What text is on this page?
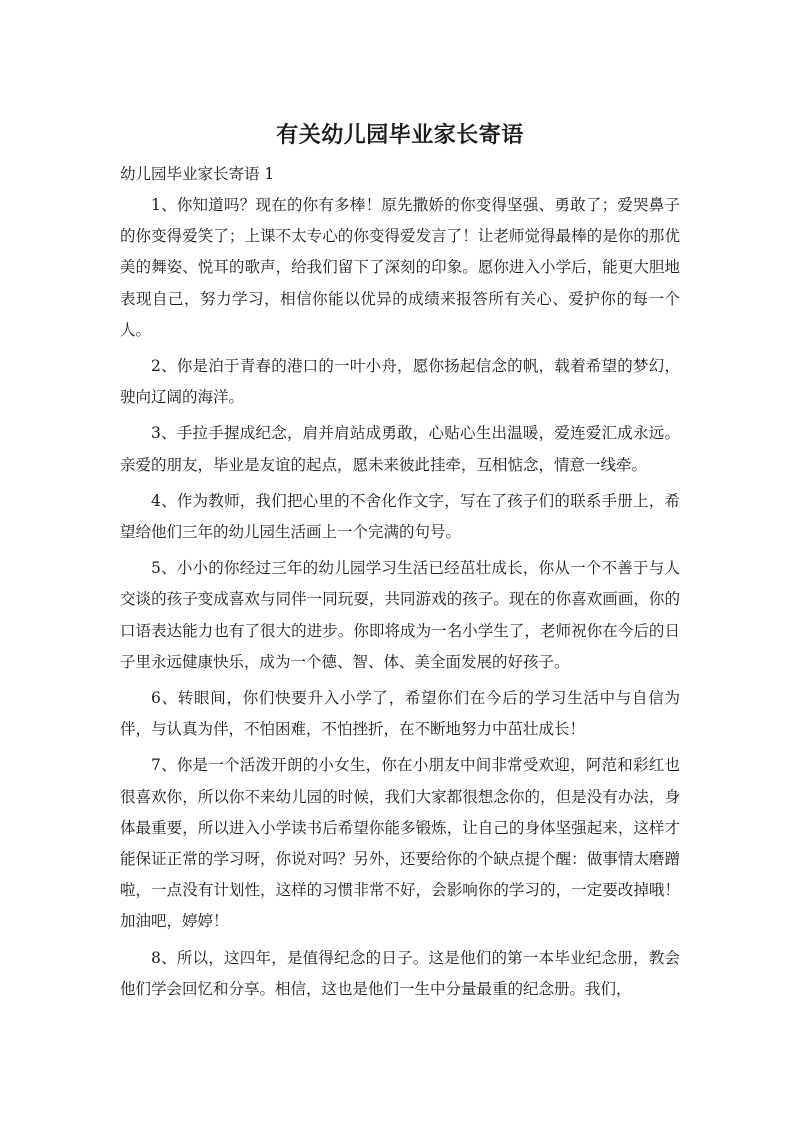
有关幼儿园毕业家长寄语

幼儿园毕业家长寄语 1

1、你知道吗？现在的你有多棒！原先撒娇的你变得坚强、勇敢了；爱哭鼻子的你变得爱笑了；上课不太专心的你变得爱发言了！让老师觉得最棒的是你的那优美的舞姿、悦耳的歌声，给我们留下了深刻的印象。愿你进入小学后，能更大胆地表现自己，努力学习，相信你能以优异的成绩来报答所有关心、爱护你的每一个人。

2、你是泊于青春的港口的一叶小舟，愿你扬起信念的帆，载着希望的梦幻，驶向辽阔的海洋。

3、手拉手握成纪念，肩并肩站成勇敢，心贴心生出温暖，爱连爱汇成永远。亲爱的朋友，毕业是友谊的起点，愿未来彼此挂牵，互相惦念，情意一线牵。

4、作为教师，我们把心里的不舍化作文字，写在了孩子们的联系手册上，希望给他们三年的幼儿园生活画上一个完满的句号。

5、小小的你经过三年的幼儿园学习生活已经茁壮成长，你从一个不善于与人交谈的孩子变成喜欢与同伴一同玩耍，共同游戏的孩子。现在的你喜欢画画，你的口语表达能力也有了很大的进步。你即将成为一名小学生了，老师祝你在今后的日子里永远健康快乐，成为一个德、智、体、美全面发展的好孩子。

6、转眼间，你们快要升入小学了，希望你们在今后的学习生活中与自信为伴，与认真为伴，不怕困难，不怕挫折，在不断地努力中茁壮成长！

7、你是一个活泼开朗的小女生，你在小朋友中间非常受欢迎，阿范和彩红也很喜欢你，所以你不来幼儿园的时候，我们大家都很想念你的，但是没有办法，身体最重要，所以进入小学读书后希望你能多锻炼，让自己的身体坚强起来，这样才能保证正常的学习呀，你说对吗？另外，还要给你的个缺点提个醒：做事情太磨蹭啦，一点没有计划性，这样的习惯非常不好，会影响你的学习的，一定要改掉哦！加油吧，婷婷！

8、所以，这四年，是值得纪念的日子。这是他们的第一本毕业纪念册，教会他们学会回忆和分享。相信，这也是他们一生中分量最重的纪念册。我们，
